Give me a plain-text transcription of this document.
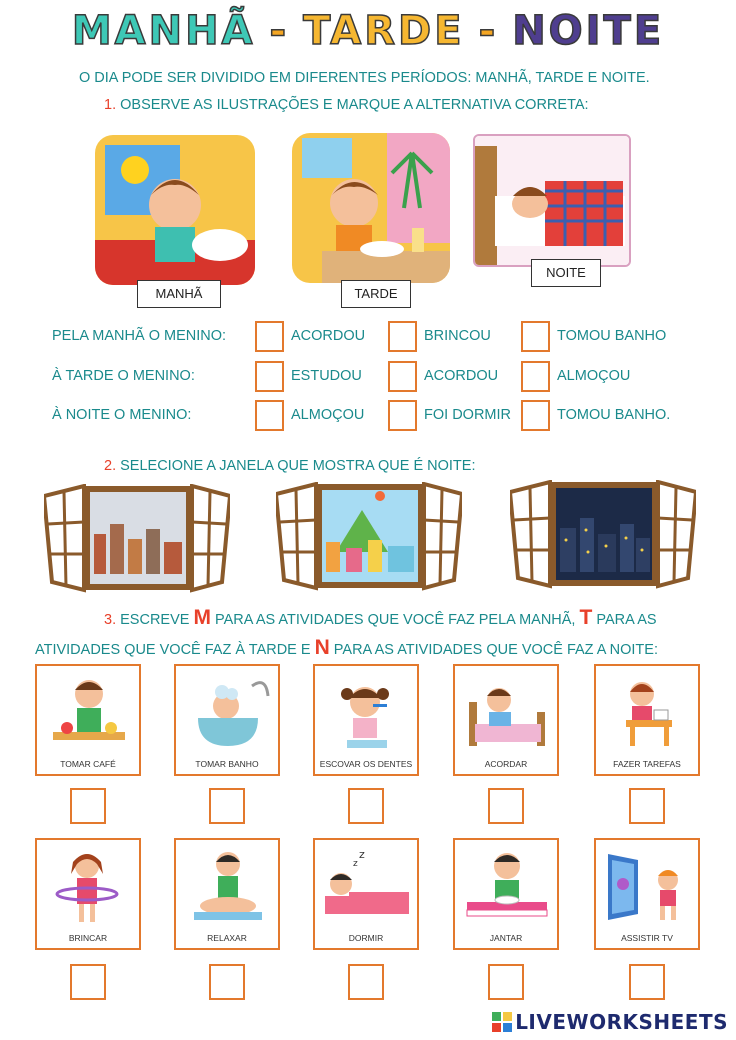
MANHÃ - TARDE - NOITE
O DIA PODE SER DIVIDIDO EM DIFERENTES PERÍODOS: MANHÃ, TARDE E NOITE.
1. OBSERVE AS ILUSTRAÇÕES E MARQUE A ALTERNATIVA CORRETA:
MANHÃ	TARDE
NOITE
PELA MANHÃ O MENINO:	ACORDOU	BRINCOU	TOMOU BANHO
À TARDE O MENINO:	ESTUDOU	ACORDOU	ALMOÇOU
À NOITE O MENINO:	ALMOÇOU	FOI DORMIR	TOMOU BANHO.
2. SELECIONE A JANELA QUE MOSTRA QUE É NOITE:
3. ESCREVE M PARA AS ATIVIDADES QUE VOCÊ FAZ PELA MANHÃ, T PARA AS
ATIVIDADES QUE VOCÊ FAZ À TARDE E N PARA AS ATIVIDADES QUE VOCÊ FAZ A NOITE:
TOMAR CAFÉ	TOMAR BANHO	ESCOVAR OS DENTES	ACORDAR	FAZER TAREFAS
BRINCAR	RELAXAR
z
z
DORMIR	JANTAR	ASSISTIR TV
LIVEWORKSHEETS
